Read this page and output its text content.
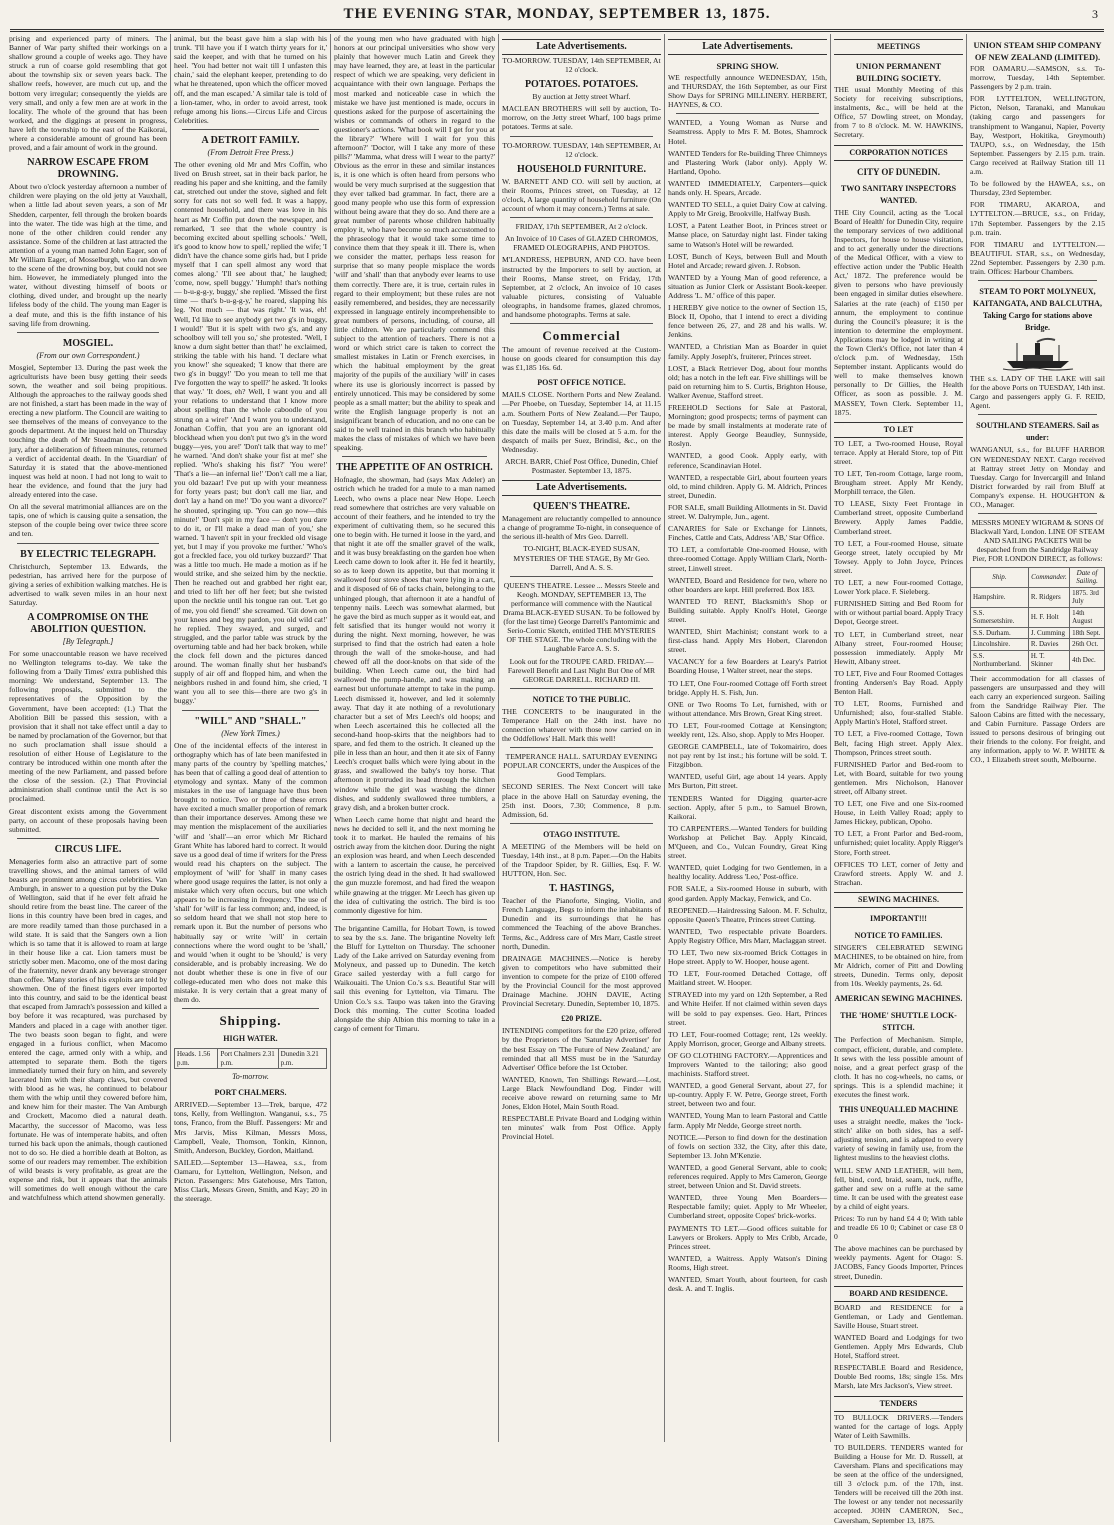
THE EVENING STAR, MONDAY, SEPTEMBER 13, 1875.	3

prising and experienced party of miners. The Banner of War party shifted their workings on a shallow ground a couple of weeks ago. They have struck a run of coarse gold resembling that got about the township six or seven years back. The shallow reefs, however, are much cut up, and the bottom very irregular; consequently the yields are very small, and only a few men are at work in the locality. The whole of the ground that has been worked, and the diggings at present in progress, have left the township to the east of the Kaikorai, where a considerable amount of ground has been proved, and a fair amount of work in the ground.

NARROW ESCAPE FROM DROWNING.

About two o'clock yesterday afternoon a number of children were playing on the old jetty at Vauxhall, when a little lad about seven years, a son of Mr Shedden, carpenter, fell through the broken boards into the water. The tide was high at the time, and none of the other children could render any assistance. Some of the children at last attracted the attention of a young man named John Eager, son of Mr William Eager, of Mosselburgh, who ran down to the scene of the drowning boy, but could not see him. However, he immediately plunged into the water, without divesting himself of boots or clothing, dived under, and brought up the nearly lifeless body of the child. The young man Eager is a deaf mute, and this is the fifth instance of his saving life from drowning.

MOSGIEL.
(From our own Correspondent.)

Mosgiel, September 13. During the past week the agriculturists have been busy getting their seeds sown, the weather and soil being propitious. Although the approaches to the railway goods shed are not finished, a start has been made in the way of erecting a new platform. The Council are waiting to see themselves of the means of conveyance to the goods department. At the inquest held on Thursday touching the death of Mr Steadman the coroner's jury, after a deliberation of fifteen minutes, returned a verdict of accidental death. In the 'Guardian' of Saturday it is stated that the above-mentioned inquest was held at noon. I had not long to wait to hear the evidence, and found that the jury had already entered into the case.

On all the several matrimonial alliances are on the tapis, one of which is causing quite a sensation, the stepson of the couple being over twice three score and ten.

BY ELECTRIC TELEGRAPH.

Christchurch, September 13. Edwards, the pedestrian, has arrived here for the purpose of giving a series of exhibition walking matches. He is advertised to walk seven miles in an hour next Saturday.

A COMPROMISE ON THE ABOLITION QUESTION.
[By Telegraph.]

For some unaccountable reason we have received no Wellington telegrams to-day. We take the following from a 'Daily Times' extra published this morning: We understand, September 13. The following proposals, submitted to the representatives of the Opposition by the Government, have been accepted: (1.) That the Abolition Bill be passed this session, with a provision that it shall not take effect until a day to be named by proclamation of the Governor, but that no such proclamation shall issue should a resolution of either House of Legislature to the contrary be introduced within one month after the meeting of the new Parliament, and passed before the close of the session. (2.) That Provincial administration shall continue until the Act is so proclaimed.

Great discontent exists among the Government party, on account of these proposals having been submitted.

CIRCUS LIFE.

Menageries form also an attractive part of some travelling shows, and the animal tamers of wild beasts are prominent among circus celebrities. Van Amburgh, in answer to a question put by the Duke of Wellington, said that if he ever felt afraid he should retire from the beast line. The career of the lions in this country have been bred in cages, and are more readily tamed than those purchased in a wild state. It is said that the Sangers own a lion which is so tame that it is allowed to roam at large in their house like a cat. Lion tamers must be strictly sober men. Macomo, one of the most daring of the fraternity, never drank any beverage stronger than coffee. 'Many stories of his exploits are told by showmen. One of the finest tigers ever imported into this country, and said to be the identical beast that escaped from Jamrach's possession and killed a boy before it was recaptured, was purchased by Manders and placed in a cage with another tiger. The two beasts soon began to fight, and were engaged in a furious conflict, when Macomo entered the cage, armed only with a whip, and attempted to separate them. Both the tigers immediately turned their fury on him, and severely lacerated him with their sharp claws, but covered with blood as he was, he continued to belabour them with the whip until they cowered before him, and knew him for their master. The Van Amburgh and Crockett, Macomo died a natural death. Macarthy, the successor of Macomo, was less fortunate. He was of intemperate habits, and often turned his back upon the animals, though cautioned not to do so. He died a horrible death at Bolton, as some of our readers may remember. The exhibition of wild beasts is very profitable, as great are the expense and risk, but it appears that the animals will sometimes do well enough without the care and watchfulness which attend showmen generally.

animal, but the beast gave him a slap with his trunk. 'I'll have you if I watch thirty years for it,' said the keeper, and with that he turned on his heel. 'You had better not wait till I unfasten this chain,' said the elephant keeper, pretending to do what he threatened, upon which the officer moved off, and the man escaped.' A similar tale is told of a lion-tamer, who, in order to avoid arrest, took refuge among his lions.—Circus Life and Circus Celebrities.

A DETROIT FAMILY.
(From Detroit Free Press.)

The other evening old Mr and Mrs Coffin, who lived on Brush street, sat in their back parlor, he reading his paper and she knitting, and the family cat, stretched out under the stove, sighed and felt sorry for cats not so well fed. It was a happy, contented household, and there was love in his heart as Mr Coffin put down the newspaper, and remarked, 'I see that the whole country is becoming excited about spelling schools.' 'Well, it's good to know how to spell,' replied the wife; 'I didn't have the chance some girls had, but I pride myself that I can spell almost any word that comes along.' 'I'll see about that,' he laughed; 'come, now, spell buggy.' 'Humph! that's nothing — b-u-g-g-y, buggy,' she replied. 'Missed the first time — that's b-u-g-g-y,' he roared, slapping his leg. 'Not much — that was right.' 'It was, eh! Well, I'd like to see anybody get two g's in buggy, I would!' 'But it is spelt with two g's, and any schoolboy will tell you so,' she protested. 'Well, I know a durn sight better than that!' he exclaimed, striking the table with his hand. 'I declare what you know!' she squeaked; 'I know that there are two g's in buggy!' 'Do you mean to tell me that I've forgotten the way to spell?' he asked. 'It looks that way.' 'It does, eh? Well, I want you and all your relations to understand that I know more about spelling than the whole caboodle of you strung on a wire!' 'And I want you to understand, Jonathan Coffin, that you are an ignorant old blockhead when you don't put two g's in the word buggy—yes, you are!' 'Don't talk that way to me!' he warned. 'And don't shake your fist at me!' she replied. 'Who's shaking his fist?' 'You were!' 'That's a lie—an infernal lie!' 'Don't call me a liar, you old bazaar! I've put up with your meanness for forty years past; but don't call me liar, and don't lay a hand on me!' 'Do you want a divorce?' he shouted, springing up. 'You can go now—this minute!' 'Don't spit in my face — don't you dare to do it, or I'll make a dead man of you,' she warned. 'I haven't spit in your freckled old visage yet, but I may if you provoke me further.' 'Who's got a freckled face, you old turkey buzzard?' That was a little too much. He made a motion as if he would strike, and she seized him by the necktie. Then he reached out and grabbed her right ear, and tried to lift her off her feet; but she twisted upon the necktie until his tongue ran out. 'Let go of me, you old fiend!' she screamed. 'Git down on your knees and beg my pardon, you old wild cat!' he replied. They swayed, and surged, and struggled, and the parlor table was struck by the overturning table and had her back broken, while the clock fell down and the pictures danced around. The woman finally shut her husband's supply of air off and flopped him, and when the neighbors rushed in and found him, she cried, 'I want you all to see this—there are two g's in buggy.'

"WILL" AND "SHALL."
(New York Times.)

One of the incidental effects of the interest in orthography which has of late been manifested in many parts of the country by 'spelling matches,' has been that of calling a good deal of attention to etymology and syntax. Many of the common mistakes in the use of language have thus been brought to notice. Two or three of these errors have excited a much smaller proportion of remark than their importance deserves. Among these we may mention the misplacement of the auxiliaries 'will' and 'shall'—an error which Mr Richard Grant White has labored hard to correct. It would save us a good deal of time if writers for the Press would read his chapters on the subject. The employment of 'will' for 'shall' in many cases where good usage requires the latter, is not only a mistake which very often occurs, but one which appears to be increasing in frequency. The use of 'shall' for 'will' is far less common; and, indeed, is so seldom heard that we shall not stop here to remark upon it. But the number of persons who habitually say or write 'will' in certain connections where the word ought to be 'shall,' and would 'when it ought to be 'should,' is very considerable, and is probably increasing. We do not doubt whether these is one in five of our college-educated men who does not make this mistake. It is very certain that a great many of them do.

Shipping.
HIGH WATER.
Heads. 1.56 p.m.	Port Chalmers 2.31 p.m.	Dunedin 3.21 p.m.
To-morrow.
PORT CHALMERS.

ARRIVED.—September 13—Trek, barque, 472 tons, Kelly, from Wellington. Wanganui, s.s., 75 tons, Franco, from the Bluff. Passengers: Mr and Mrs Jarvis, Miss Kilman, Messrs Moss, Campbell, Veale, Thomson, Tonkin, Kinnon, Smith, Anderson, Buckley, Gordon, Maitland.

SAILED.—September 13—Hawea, s.s., from Oamaru, for Lyttelton, Wellington, Nelson, and Picton. Passengers: Mrs Gatehouse, Mrs Tatton, Miss Clark, Messrs Green, Smith, and Kay; 20 in the steerage.

of the young men who have graduated with high honors at our principal universities who show very plainly that however much Latin and Greek they may have learned, they are, at least in the particular respect of which we are speaking, very deficient in acquaintance with their own language. Perhaps the most marked and noticeable case in which the mistake we have just mentioned is made, occurs in questions asked for the purpose of ascertaining the wishes or commands of others in regard to the questioner's actions. 'What book will I get for you at the library?' 'Where will I wait for you this afternoon?' 'Doctor, will I take any more of these pills?' 'Mamma, what dress will I wear to the party?' Obvious as the error in these and similar instances is, it is one which is often heard from persons who would be very much surprised at the suggestion that they ever talked bad grammar. In fact, there are a good many people who use this form of expression without being aware that they do so. And there are a great number of parents whose children habitually employ it, who have become so much accustomed to the phraseology that it would take some time to convince them that they speak it ill. There is, when we consider the matter, perhaps less reason for surprise that so many people misplace the words 'will' and 'shall' than that anybody ever learns to use them correctly. There are, it is true, certain rules in regard to their employment; but these rules are not easily remembered, and besides, they are necessarily expressed in language entirely incomprehensible to great numbers of persons, including, of course, all little children. We are particularly commend this subject to the attention of teachers. There is not a word or which strict care is taken to correct the smallest mistakes in Latin or French exercises, in which the habitual employment by the great majority of the pupils of the auxiliary 'will' in cases where its use is gloriously incorrect is passed by entirely unnoticed. This may be considered by some people as a small matter; but the ability to speak and write the English language properly is not an insignificant branch of education, and no one can be said to be well trained in this branch who habitually makes the class of mistakes of which we have been speaking.

THE APPETITE OF AN OSTRICH.

Hofnagle, the showman, had (says Max Adeler) an ostrich which he traded for a mule to a man named Leech, who owns a place near New Hope. Leech read somewhere that ostriches are very valuable on account of their feathers, and he intended to try the experiment of cultivating them, so he secured this one to begin with. He turned it loose in the yard, and that night it ate off the smaller gravel of the walk, and it was busy breakfasting on the garden hoe when Leech came down to look after it. He fed it heartily, so as to keep down its appetite, but that morning it swallowed four stove shoes that were lying in a cart, and it disposed of 66 of tacks chain, belonging to the unhinged plough, that afternoon it ate a handful of tenpenny nails. Leech was somewhat alarmed, but he gave the bird as much supper as it would eat, and felt satisfied that its hunger would not worry it during the night. Next morning, however, he was surprised to find that the ostrich had eaten a hole through the wall of the smoke-house, and had chewed off all the door-knobs on that side of the building. When Leech came out, the bird had swallowed the pump-handle, and was making an earnest but unfortunate attempt to take in the pump. Leech dismissed it, however, and led it solemnly away. That day it ate nothing of a revolutionary character but a set of Mrs Leech's old hoops; and when Leech ascertained this he collected all the second-hand hoop-skirts that the neighbors had to spare, and fed them to the ostrich. It cleaned up the pile in less than an hour, and then it ate six of Fanny Leech's croquet balls which were lying about in the grass, and swallowed the baby's toy horse. That afternoon it protruded its head through the kitchen window while the girl was washing the dinner dishes, and suddenly swallowed three tumblers, a gravy dish, and a broken butter crock.

When Leech came home that night and heard the news he decided to sell it, and the next morning he took it to market. He hauled the remains of his ostrich away from the kitchen door. During the night an explosion was heard, and when Leech descended with a lantern to ascertain the cause, he perceived the ostrich lying dead in the shed. It had swallowed the gun muzzle foremost, and had fired the weapon while gnawing at the trigger. Mr Leech has given up the idea of cultivating the ostrich. The bird is too commonly digestive for him.

The brigantine Camilla, for Hobart Town, is towed to sea by the s.s. Jane. The brigantine Novelty left the Bluff for Lyttelton on Thursday. The schooner Lady of the Lake arrived on Saturday evening from Molyneux, and passed up to Dunedin. The ketch Grace sailed yesterday with a full cargo for Waikouaiti. The Union Co.'s s.s. Beautiful Star will sail this evening for Lyttelton, via Timaru. The Union Co.'s s.s. Taupo was taken into the Graving Dock this morning. The cutter Scotina loaded alongside the ship Albion this morning to take in a cargo of cement for Timaru.

Late Advertisements.

TO-MORROW. TUESDAY, 14th SEPTEMBER, At 12 o'clock.

POTATOES. POTATOES.

By auction at Jetty street Wharf.

MACLEAN BROTHERS will sell by auction, To-morrow, on the Jetty street Wharf, 100 bags prime potatoes. Terms at sale.

TO-MORROW. TUESDAY, 14th SEPTEMBER, At 12 o'clock.

HOUSEHOLD FURNITURE.

W. BARNETT AND CO. will sell by auction, at their Rooms, Princes street, on Tuesday, at 12 o'clock, A large quantity of household furniture (On account of whom it may concern.) Terms at sale.

FRIDAY, 17th SEPTEMBER, At 2 o'clock.

An Invoice of 10 Cases of GLAZED CHROMOS, FRAMED OLEOGRAPHS, AND PHOTOS.

M'LANDRESS, HEPBURN, AND CO. have been instructed by the Importers to sell by auction, at their Rooms, Manse street, on Friday, 17th September, at 2 o'clock, An invoice of 10 cases valuable pictures, consisting of Valuable oleographs, in handsome frames, glazed chromos, and handsome photographs. Terms at sale.

Commercial

The amount of revenue received at the Custom-house on goods cleared for consumption this day was £1,185 16s. 6d.

POST OFFICE NOTICE.

MAILS CLOSE. Northern Ports and New Zealand.—Per Phoebe, on Tuesday, September 14, at 11.15 a.m. Southern Ports of New Zealand.—Per Taupo, on Tuesday, September 14, at 3.40 p.m. And after this date the mails will be closed at 5 a.m. for the despatch of mails per Suez, Brindisi, &c., on the Wednesday.

ARCH. BARR, Chief Post Office, Dunedin, Chief Postmaster. September 13, 1875.

Late Advertisements.
QUEEN'S THEATRE.

Management are reluctantly compelled to announce a change of programme To-night, in consequence of the serious ill-health of Mrs Geo. Darrell.

TO-NIGHT, BLACK-EYED SUSAN, MYSTERIES OF THE STAGE, By Mr Geo. Darrell, And A. S. S.

QUEEN'S THEATRE. Lessee ... Messrs Steele and Keogh. MONDAY, SEPTEMBER 13, The performance will commence with the Nautical Drama BLACK-EYED SUSAN. To be followed by (for the last time) George Darrell's Pantomimic and Serio-Comic Sketch, entitled THE MYSTERIES OF THE STAGE. The whole concluding with the Laughable Farce A. S. S.

Look out for the TROUPE CARD. FRIDAY.—Farewell Benefit and Last Night But One of MR GEORGE DARRELL. RICHARD III.

NOTICE TO THE PUBLIC.

THE CONCERTS to be inaugurated in the Temperance Hall on the 24th inst. have no connection whatever with those now carried on in the Oddfellows' Hall. Mark this well!

TEMPERANCE HALL. SATURDAY EVENING POPULAR CONCERTS, under the Auspices of the Good Templars.

SECOND SERIES. The Next Concert will take place in the above Hall on Saturday evening, the 25th inst. Doors, 7.30; Commence, 8 p.m. Admission, 6d.

OTAGO INSTITUTE.

A MEETING of the Members will be held on Tuesday, 14th inst., at 8 p.m. Paper.—On the Habits of the Trapdoor Spider, by R. Gillies, Esq. F. W. HUTTON, Hon. Sec.

T. HASTINGS,

Teacher of the Pianoforte, Singing, Violin, and French Language, Begs to inform the inhabitants of Dunedin and its surroundings that he has commenced the Teaching of the above Branches. Terms, &c., Address care of Mrs Marr, Castle street north, Dunedin.

DRAINAGE MACHINES.—Notice is hereby given to competitors who have submitted their invention to compete for the prize of £100 offered by the Provincial Council for the most approved Drainage Machine. JOHN DAVIE, Acting Provincial Secretary. Dunedin, September 10, 1875.

£20 PRIZE.

INTENDING competitors for the £20 prize, offered by the Proprietors of the 'Saturday Advertiser' for the best Essay on 'The Future of New Zealand,' are reminded that all MSS must be in the 'Saturday Advertiser' Office before the 1st October.

WANTED, Known, Ten Shillings Reward.—Lost, Large Black Newfoundland Dog. Finder will receive above reward on returning same to Mr Jones, Eldon Hotel, Main South Road.

RESPECTABLE Private Board and Lodging within ten minutes' walk from Post Office. Apply Provincial Hotel.

Late Advertisements.
SPRING SHOW.

WE respectfully announce WEDNESDAY, 15th, and THURSDAY, the 16th September, as our First Show Days for SPRING MILLINERY. HERBERT, HAYNES, & CO.

WANTED, a Young Woman as Nurse and Seamstress. Apply to Mrs F. M. Botes, Shamrock Hotel.

WANTED Tenders for Re-building Three Chimneys and Plastering Work (labor only). Apply W. Hartland, Opoho.

WANTED IMMEDIATELY, Carpenters—quick hands only. H. Spears, Arcade.

WANTED TO SELL, a quiet Dairy Cow at calving. Apply to Mr Greig, Brookville, Halfway Bush.

LOST, a Patent Leather Boot, in Princes street or Manse place, on Saturday night last. Finder taking same to Watson's Hotel will be rewarded.

LOST, Bunch of Keys, between Bull and Mouth Hotel and Arcade; reward given. J. Robson.

WANTED by a Young Man of good reference, a situation as Junior Clerk or Assistant Book-keeper. Address 'L. M.' office of this paper.

I HEREBY give notice to the owner of Section 15, Block II, Opoho, that I intend to erect a dividing fence between 26, 27, and 28 and his walls. W. Jenkins.

WANTED, a Christian Man as Boarder in quiet family. Apply Joseph's, fruiterer, Princes street.

LOST, a Black Retriever Dog, about four months old; has a notch in the left ear. Five shillings will be paid on returning him to S. Curtis, Brighton House, Walker Avenue, Stafford street.

FREEHOLD Sections for Sale at Pastoral, Mornington; good prospects; terms of payment can be made by small instalments at moderate rate of interest. Apply George Beaudley, Sunnyside, Roslyn.

WANTED, a good Cook. Apply early, with reference, Scandinavian Hotel.

WANTED, a respectable Girl, about fourteen years old, to mind children. Apply G. M. Aldrich, Princes street, Dunedin.

FOR SALE, small Building Allotments in St. David street. W. Dalrymple, Jun., agent.

CANARIES for Sale or Exchange for Linnets, Finches, Cattle and Cats, Address 'AB,' Star Office.

TO LET, a comfortable One-roomed House, with three-roomed Cottage. Apply William Clark, North-street, Linwell street.

WANTED, Board and Residence for two, where no other boarders are kept. Hill preferred. Box 183.

WANTED TO RENT, Blacksmith's Shop or Building suitable. Apply Knoll's Hotel, George street.

WANTED, Shirt Machinist; constant work to a first-class hand. Apply Mrs Hobert, Clarendon street.

VACANCY for a few Boarders at Leary's Patriot Boarding House, 1 Walter street, near the steps.

TO LET, One Four-roomed Cottage off Forth street bridge. Apply H. S. Fish, Jun.

ONE or Two Rooms To Let, furnished, with or without attendance. Mrs Brown, Great King street.

TO LET, Four-roomed Cottage at Kensington; weekly rent, 12s. Also, shop. Apply to Mrs Hooper.

GEORGE CAMPBELL, late of Tokomairiro, does not pay rent by 1st inst.; his fortune will be sold. T. Fitzgibbon.

WANTED, useful Girl, age about 14 years. Apply Mrs Burton, Pitt street.

TENDERS Wanted for Digging quarter-acre section. Apply, after 5 p.m., to Samuel Brown, Kaikorai.

TO CARPENTERS.—Wanted Tenders for building Workshop at Pelichet Bay. Apply Kincaid, M'Queen, and Co., Vulcan Foundry, Great King street.

WANTED, quiet Lodging for two Gentlemen, in a healthy locality. Address 'Leo,' Post-office.

FOR SALE, a Six-roomed House in suburb, with good garden. Apply Mackay, Fenwick, and Co.

REOPENED.—Hairdressing Saloon. M. F. Schultz, opposite Queen's Theatre, Princes street Cutting.

WANTED, Two respectable private Boarders. Apply Registry Office, Mrs Marr, Maclaggan street.

TO LET, Two new six-roomed Brick Cottages in Hope street. Apply to W. Hooper, house agent.

TO LET, Four-roomed Detached Cottage, off Maitland street. W. Hooper.

STRAYED into my yard on 12th September, a Red and White Heifer. If not claimed within seven days will be sold to pay expenses. Geo. Hart, Princes street.

TO LET, Four-roomed Cottage; rent, 12s weekly. Apply Morrison, grocer, George and Albany streets.

OF GO CLOTHING FACTORY.—Apprentices and Improvers Wanted to the tailoring; also good machinists. Stafford street.

WANTED, a good General Servant, about 27, for up-country. Apply F. W. Petre, George street, Forth street, between two and four.

WANTED, Young Man to learn Pastoral and Cattle farm. Apply Mr Nedde, George street north.

NOTICE.—Person to find down for the destination of fowls on section 332, the City, after this date, September 13. John M'Kenzie.

WANTED, a good General Servant, able to cook; references required. Apply to Mrs Cameron, George street, between Union and St. David streets.

WANTED, three Young Men Boarders—Respectable family; quiet. Apply to Mr Wheeler, Cumberland street, opposite Copes' brick-works.

PAYMENTS TO LET.—Good offices suitable for Lawyers or Brokers. Apply to Mrs Cribb, Arcade, Princes street.

WANTED, a Waitress. Apply Watson's Dining Rooms, High street.

WANTED, Smart Youth, about fourteen, for cash desk. A. and T. Inglis.

MEETINGS
UNION PERMANENT BUILDING SOCIETY.

THE usual Monthly Meeting of this Society for receiving subscriptions, instalments, &c., will be held at the Office, 57 Dowling street, on Monday, from 7 to 8 o'clock. M. W. HAWKINS, Secretary.

CORPORATION NOTICES
CITY OF DUNEDIN.
TWO SANITARY INSPECTORS WANTED.

THE City Council, acting as the 'Local Board of Health' for Dunedin City, require the temporary services of two additional Inspectors, for house to house visitation, and to act generally under the directions of the Medical Officer, with a view to effective action under the 'Public Health Act,' 1872. The preference would be given to persons who have previously been engaged in similar duties elsewhere. Salaries at the rate (each) of £150 per annum, the employment to continue during the Council's pleasure; it is the intention to determine the employment. Applications may be lodged in writing at the Town Clerk's Office, not later than 4 o'clock p.m. of Wednesday, 15th September instant. Applicants would do well to make themselves known personally to Dr Gillies, the Health Officer, as soon as possible. J. M. MASSEY, Town Clerk. September 11, 1875.

TO LET

TO LET, a Two-roomed House, Royal terrace. Apply at Herald Store, top of Pitt street.

TO LET, Ten-room Cottage, large room, Brougham street. Apply Mr Kendy, Morphill terrace, the Glen.

TO LEASE, Sixty Feet Frontage in Cumberland street, opposite Cumberland Brewery. Apply James Paddie, Cumberland street.

TO LET, a Four-roomed House, situate George street, lately occupied by Mr Towsey. Apply to John Joyce, Princes street.

TO LET, a new Four-roomed Cottage, Lower York place. F. Sieleberg.

FURNISHED Sitting and Bed Room for with or without partial board. Apply Tracy Depot, George street.

TO LET, in Cumberland street, near Albany street, Four-roomed House; possession immediately. Apply Mr Hewitt, Albany street.

TO LET, Five and Four Roomed Cottages fronting Andersen's Bay Road. Apply Benton Hall.

TO LET, Rooms, Furnished and Unfurnished; also, four-stalled Stable. Apply Martin's Hotel, Stafford street.

TO LET, a Five-roomed Cottage, Town Belt, facing High street. Apply Alex. Thompson, Princes street south.

FURNISHED Parlor and Bed-room to Let, with Board, suitable for two young gentlemen. Mrs Nicholson, Hanover street, off Albany street.

TO LET, one Five and one Six-roomed House, in Leith Valley Road; apply to James Hickey, publican, Opoho.

TO LET, a Front Parlor and Bed-room, unfurnished; quiet locality. Apply Rigger's Store, Forth street.

OFFICES TO LET, corner of Jetty and Crawford streets. Apply W. and J. Strachan.

SEWING MACHINES.
IMPORTANT!!!
NOTICE TO FAMILIES.

SINGER'S CELEBRATED SEWING MACHINES, to be obtained on hire, from Mr Aldrich, corner of Pitt and Dowling streets, Dunedin. Terms only, deposit from 10s. Weekly payments, 2s. 6d.

AMERICAN SEWING MACHINES.
THE 'HOME' SHUTTLE LOCK-STITCH.

The Perfection of Mechanism. Simple, compact, efficient, durable, and complete. It sews with the less possible amount of noise, and a great perfect grasp of the cloth. It has no cog-wheels, no cams, or springs. This is a splendid machine; it executes the finest work.

THIS UNEQUALLED MACHINE

uses a straight needle, makes the 'lock-stitch' alike on both sides, has a self-adjusting tension, and is adapted to every variety of sewing in family use, from the lightest muslins to the heaviest cloths.

WILL SEW AND LEATHER, will hem, fell, bind, cord, braid, seam, tuck, ruffle, gather and sew on a ruffle at the same time. It can be used with the greatest ease by a child of eight years.

Prices: To run by hand £4 4 0; With table and treadle £6 10 0; Cabinet or case £8 0 0

The above machines can be purchased by weekly payments. Agent for Otago: S. JACOBS, Fancy Goods Importer, Princes street, Dunedin.

BOARD AND RESIDENCE.

BOARD and RESIDENCE for a Gentleman, or Lady and Gentleman. Saville House, Stuart street.

WANTED Board and Lodgings for two Gentlemen. Apply Mrs Edwards, Club Hotel, Stafford street.

RESPECTABLE Board and Residence, Double Bed rooms, 18s; single 15s. Mrs Marsh, late Mrs Jackson's, View street.

TENDERS

TO BULLOCK DRIVERS.—Tenders wanted for the cartage of logs. Apply Water of Leith Sawmills.

TO BUILDERS. TENDERS wanted for Building a House for Mr. D. Russell, at Caversham. Plans and specifications may be seen at the office of the undersigned, till 3 o'clock p.m. of the 17th, inst. Tenders will be received till the 20th inst. The lowest or any tender not necessarily accepted. JOHN CAMERON, Sec., Caversham, September 13, 1875.

UNION STEAM SHIP COMPANY OF NEW ZEALAND (LIMITED).

FOR OAMARU.—SAMSON, s.s. To-morrow, Tuesday, 14th September. Passengers by 2 p.m. train.

FOR LYTTELTON, WELLINGTON, Picton, Nelson, Taranaki, and Manukau (taking cargo and passengers for transhipment to Wanganui, Napier, Poverty Bay, Westport, Hokitika, Greymouth) TAUPO, s.s., on Wednesday, the 15th September. Passengers by 2.15 p.m. train. Cargo received at Railway Station till 11 a.m.

To be followed by the HAWEA, s.s., on Thursday, 23rd September.

FOR TIMARU, AKAROA, and LYTTELTON.—BRUCE, s.s., on Friday, 17th September. Passengers by the 2.15 p.m. train.

FOR TIMARU and LYTTELTON.—BEAUTIFUL STAR, s.s., on Wednesday, 22nd September. Passengers by 2.30 p.m. train. Offices: Harbour Chambers.

STEAM TO PORT MOLYNEUX, KAITANGATA, AND BALCLUTHA, Taking Cargo for stations above Bridge.

THE s.s. LADY OF THE LAKE will sail for the above Ports on TUESDAY, 14th inst. Cargo and passengers apply G. F. REID, Agent.

SOUTHLAND STEAMERS. Sail as under:

WANGANUI, s.s., for BLUFF HARBOR ON WEDNESDAY NEXT. Cargo received at Rattray street Jetty on Monday and Tuesday. Cargo for Invercargill and Inland District forwarded by rail from Bluff at Company's expense. H. HOUGHTON & CO., Manager.

MESSRS MONEY WIGRAM & SONS Of Blackwall Yard, London. LINE OF STEAM AND SAILING PACKETS Will be despatched from the Sandridge Railway Pier, FOR LONDON DIRECT, as follows:

Ship.	Commander.	Date of Sailing.
Hampshire.	R. Ridgers	1875. 3rd July
S.S. Somersetshire.	H. F. Holt	14th August
S.S. Durham.	J. Cumming	18th Sept.
Lincolnshire.	R. Davies	26th Oct.
S.S. Northumberland.	H. T. Skinner	4th Dec.

Their accommodation for all classes of passengers are unsurpassed and they will each carry an experienced surgeon. Sailing from the Sandridge Railway Pier. The Saloon Cabins are fitted with the necessary, and Cabin Furniture. Passage Orders are issued to persons desirous of bringing out their friends to the colony. For freight, and any information, apply to W. P. WHITE & CO., 1 Elizabeth street south, Melbourne.
